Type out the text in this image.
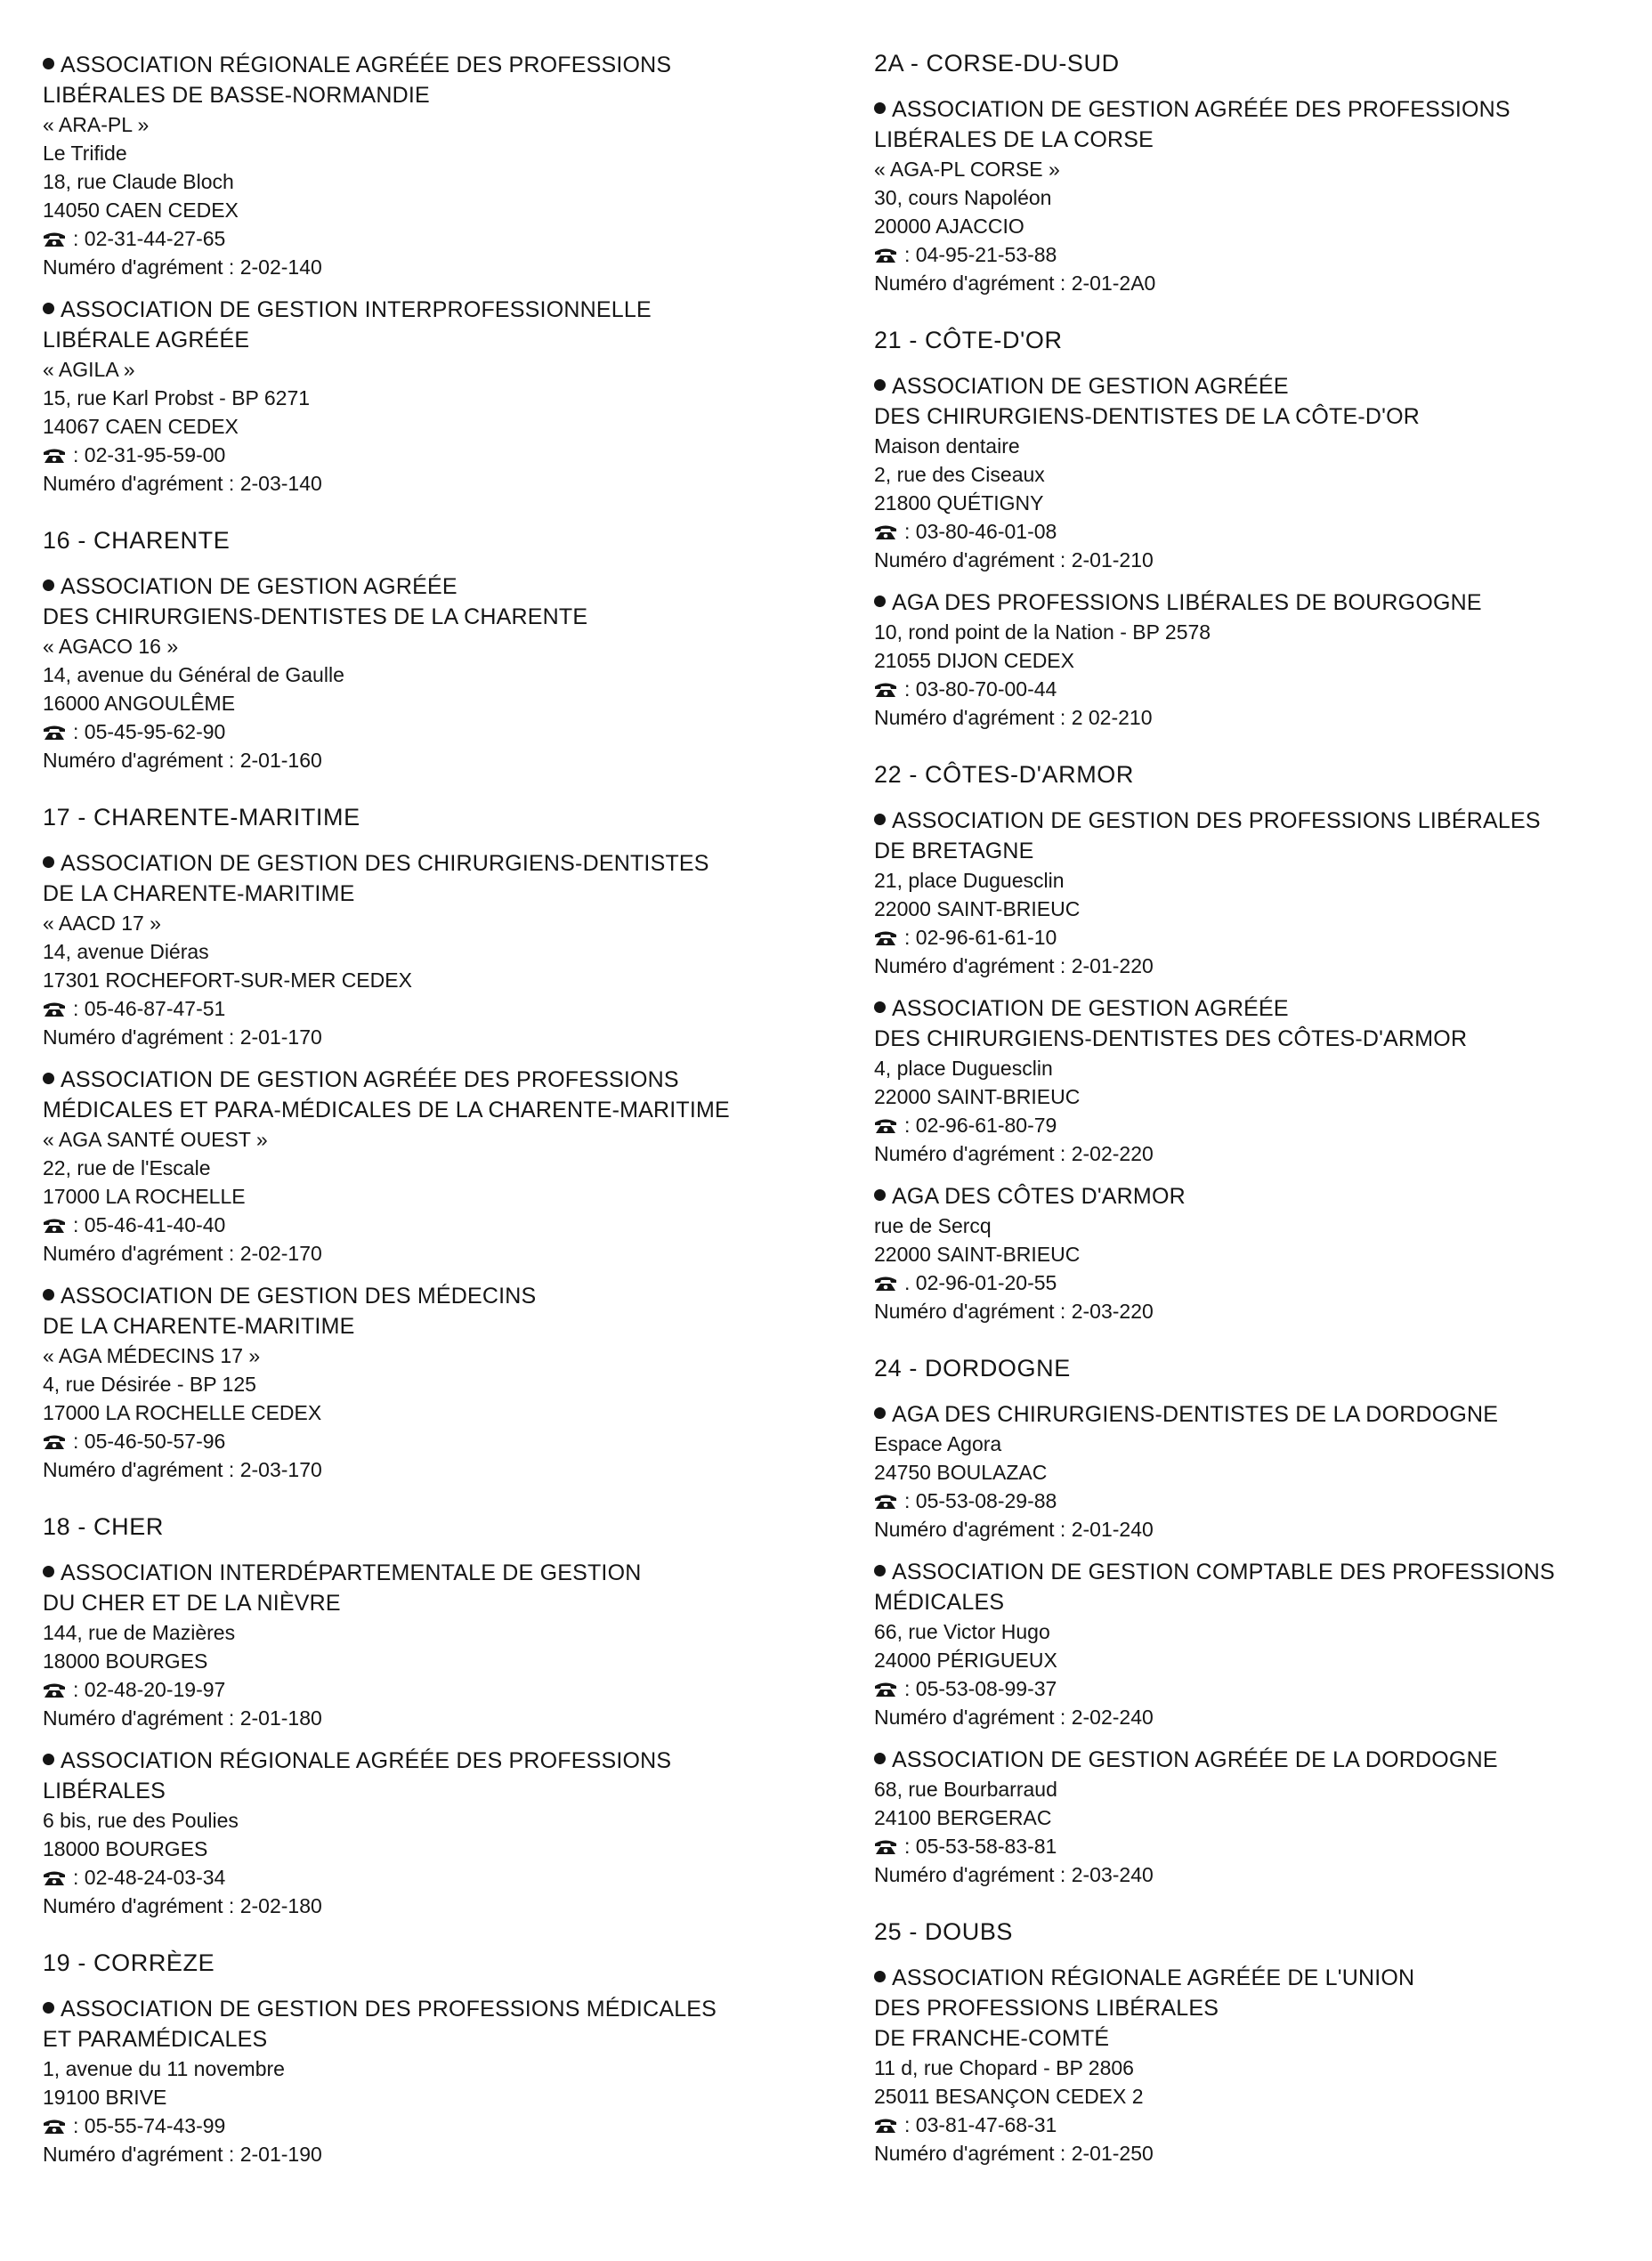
ASSOCIATION RÉGIONALE AGRÉÉE DES PROFESSIONS
LIBÉRALES DE BASSE-NORMANDIE
« ARA-PL »
Le Trifide
18, rue Claude Bloch
14050 CAEN CEDEX
: 02-31-44-27-65
Numéro d'agrément : 2-02-140
ASSOCIATION DE GESTION INTERPROFESSIONNELLE
LIBÉRALE AGRÉÉE
« AGILA »
15, rue Karl Probst - BP 6271
14067 CAEN CEDEX
: 02-31-95-59-00
Numéro d'agrément : 2-03-140
16 - CHARENTE
ASSOCIATION DE GESTION AGRÉÉE
DES CHIRURGIENS-DENTISTES DE LA CHARENTE
« AGACO 16 »
14, avenue du Général de Gaulle
16000 ANGOULÊME
: 05-45-95-62-90
Numéro d'agrément : 2-01-160
17 - CHARENTE-MARITIME
ASSOCIATION DE GESTION DES CHIRURGIENS-DENTISTES
DE LA CHARENTE-MARITIME
« AACD 17 »
14, avenue Diéras
17301 ROCHEFORT-SUR-MER CEDEX
: 05-46-87-47-51
Numéro d'agrément : 2-01-170
ASSOCIATION DE GESTION AGRÉÉE DES PROFESSIONS
MÉDICALES ET PARA-MÉDICALES DE LA CHARENTE-MARITIME
« AGA SANTÉ OUEST »
22, rue de l'Escale
17000 LA ROCHELLE
: 05-46-41-40-40
Numéro d'agrément : 2-02-170
ASSOCIATION DE GESTION DES MÉDECINS
DE LA CHARENTE-MARITIME
« AGA MÉDECINS 17 »
4, rue Désirée - BP 125
17000 LA ROCHELLE CEDEX
: 05-46-50-57-96
Numéro d'agrément : 2-03-170
18 - CHER
ASSOCIATION INTERDÉPARTEMENTALE DE GESTION
DU CHER ET DE LA NIÈVRE
144, rue de Mazières
18000 BOURGES
: 02-48-20-19-97
Numéro d'agrément : 2-01-180
ASSOCIATION RÉGIONALE AGRÉÉE DES PROFESSIONS
LIBÉRALES
6 bis, rue des Poulies
18000 BOURGES
: 02-48-24-03-34
Numéro d'agrément : 2-02-180
19 - CORRÈZE
ASSOCIATION DE GESTION DES PROFESSIONS MÉDICALES
ET PARAMÉDICALES
1, avenue du 11 novembre
19100 BRIVE
: 05-55-74-43-99
Numéro d'agrément : 2-01-190
2A - CORSE-DU-SUD
ASSOCIATION DE GESTION AGRÉÉE DES PROFESSIONS
LIBÉRALES DE LA CORSE
« AGA-PL CORSE »
30, cours Napoléon
20000 AJACCIO
: 04-95-21-53-88
Numéro d'agrément : 2-01-2A0
21 - CÔTE-D'OR
ASSOCIATION DE GESTION AGRÉÉE
DES CHIRURGIENS-DENTISTES DE LA CÔTE-D'OR
Maison dentaire
2, rue des Ciseaux
21800 QUÉTIGNY
: 03-80-46-01-08
Numéro d'agrément : 2-01-210
AGA DES PROFESSIONS LIBÉRALES DE BOURGOGNE
10, rond point de la Nation - BP 2578
21055 DIJON CEDEX
: 03-80-70-00-44
Numéro d'agrément : 2 02-210
22 - CÔTES-D'ARMOR
ASSOCIATION DE GESTION DES PROFESSIONS LIBÉRALES
DE BRETAGNE
21, place Duguesclin
22000 SAINT-BRIEUC
: 02-96-61-61-10
Numéro d'agrément : 2-01-220
ASSOCIATION DE GESTION AGRÉÉE
DES CHIRURGIENS-DENTISTES DES CÔTES-D'ARMOR
4, place Duguesclin
22000 SAINT-BRIEUC
: 02-96-61-80-79
Numéro d'agrément : 2-02-220
AGA DES CÔTES D'ARMOR
rue de Sercq
22000 SAINT-BRIEUC
. 02-96-01-20-55
Numéro d'agrément : 2-03-220
24 - DORDOGNE
AGA DES CHIRURGIENS-DENTISTES DE LA DORDOGNE
Espace Agora
24750 BOULAZAC
: 05-53-08-29-88
Numéro d'agrément : 2-01-240
ASSOCIATION DE GESTION COMPTABLE DES PROFESSIONS
MÉDICALES
66, rue Victor Hugo
24000 PÉRIGUEUX
: 05-53-08-99-37
Numéro d'agrément : 2-02-240
ASSOCIATION DE GESTION AGRÉÉE DE LA DORDOGNE
68, rue Bourbarraud
24100 BERGERAC
: 05-53-58-83-81
Numéro d'agrément : 2-03-240
25 - DOUBS
ASSOCIATION RÉGIONALE AGRÉÉE DE L'UNION
DES PROFESSIONS LIBÉRALES
DE FRANCHE-COMTÉ
11 d, rue Chopard - BP 2806
25011 BESANÇON CEDEX 2
: 03-81-47-68-31
Numéro d'agrément : 2-01-250
